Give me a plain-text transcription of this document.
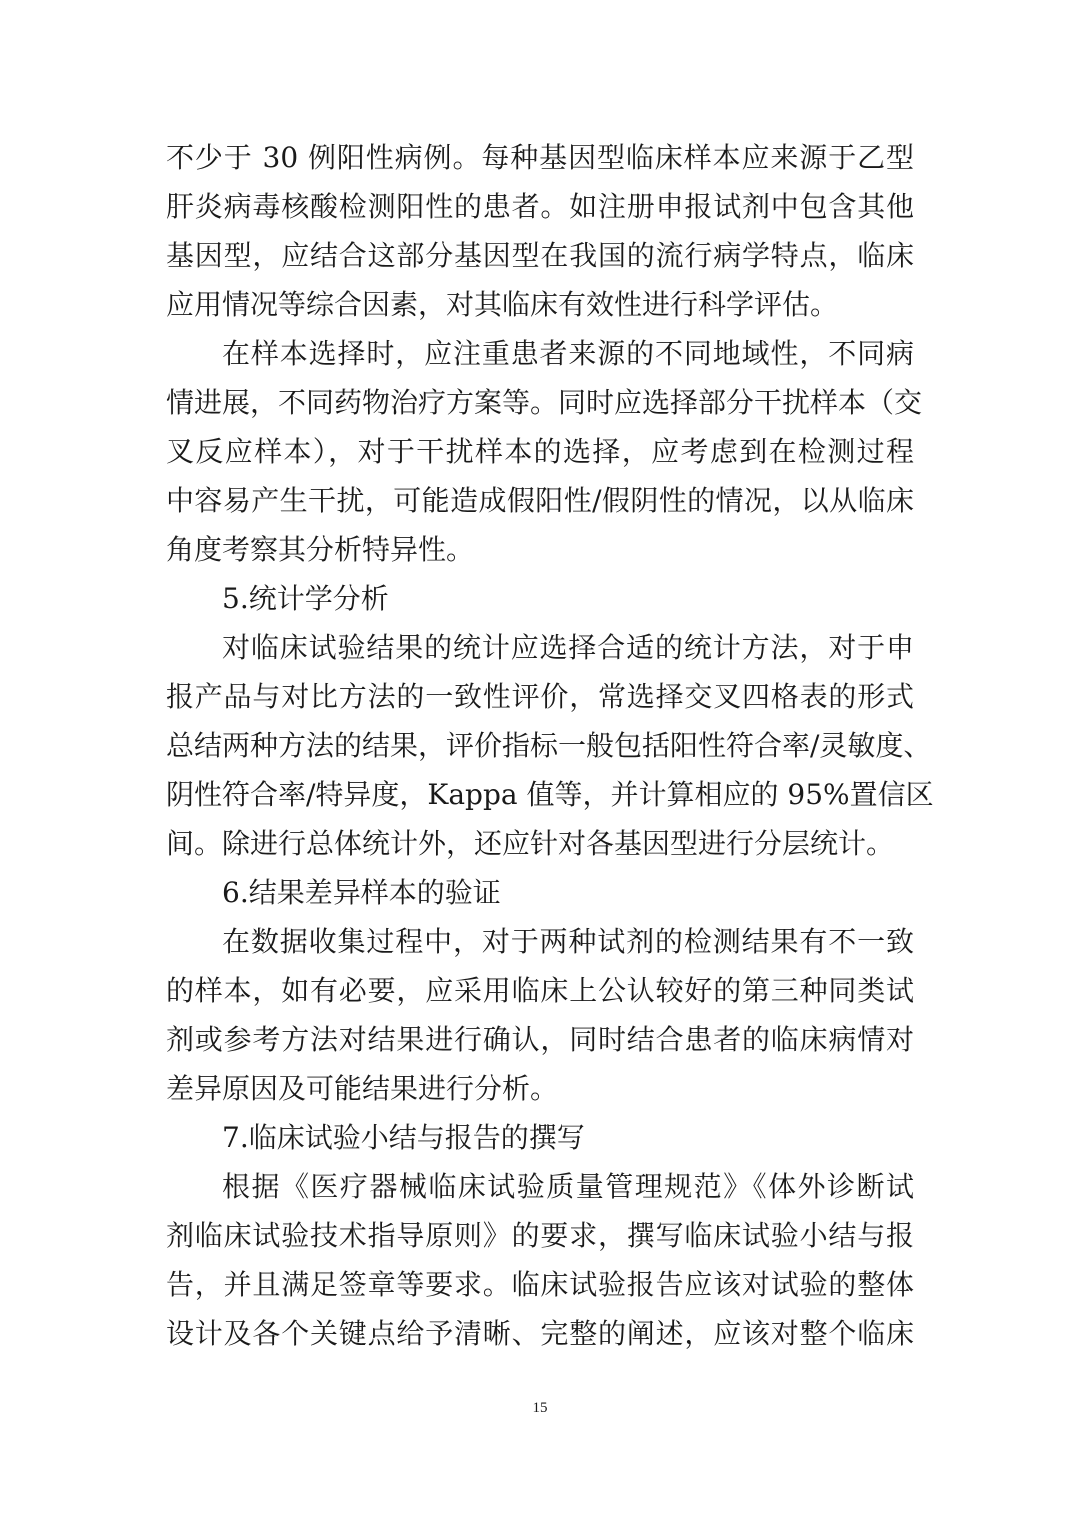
不少于 30 例阳性病例。每种基因型临床样本应来源于乙型
肝炎病毒核酸检测阳性的患者。如注册申报试剂中包含其他
基因型，应结合这部分基因型在我国的流行病学特点，临床
应用情况等综合因素，对其临床有效性进行科学评估。
在样本选择时，应注重患者来源的不同地域性，不同病
情进展，不同药物治疗方案等。同时应选择部分干扰样本（交
叉反应样本），对于干扰样本的选择，应考虑到在检测过程
中容易产生干扰，可能造成假阳性/假阴性的情况，以从临床
角度考察其分析特异性。
5.统计学分析
对临床试验结果的统计应选择合适的统计方法，对于申
报产品与对比方法的一致性评价，常选择交叉四格表的形式
总结两种方法的结果，评价指标一般包括阳性符合率/灵敏度、
阴性符合率/特异度，Kappa 值等，并计算相应的 95%置信区
间。除进行总体统计外，还应针对各基因型进行分层统计。
6.结果差异样本的验证
在数据收集过程中，对于两种试剂的检测结果有不一致
的样本，如有必要，应采用临床上公认较好的第三种同类试
剂或参考方法对结果进行确认，同时结合患者的临床病情对
差异原因及可能结果进行分析。
7.临床试验小结与报告的撰写
根据《医疗器械临床试验质量管理规范》《体外诊断试
剂临床试验技术指导原则》的要求，撰写临床试验小结与报
告，并且满足签章等要求。临床试验报告应该对试验的整体
设计及各个关键点给予清晰、完整的阐述，应该对整个临床
15
